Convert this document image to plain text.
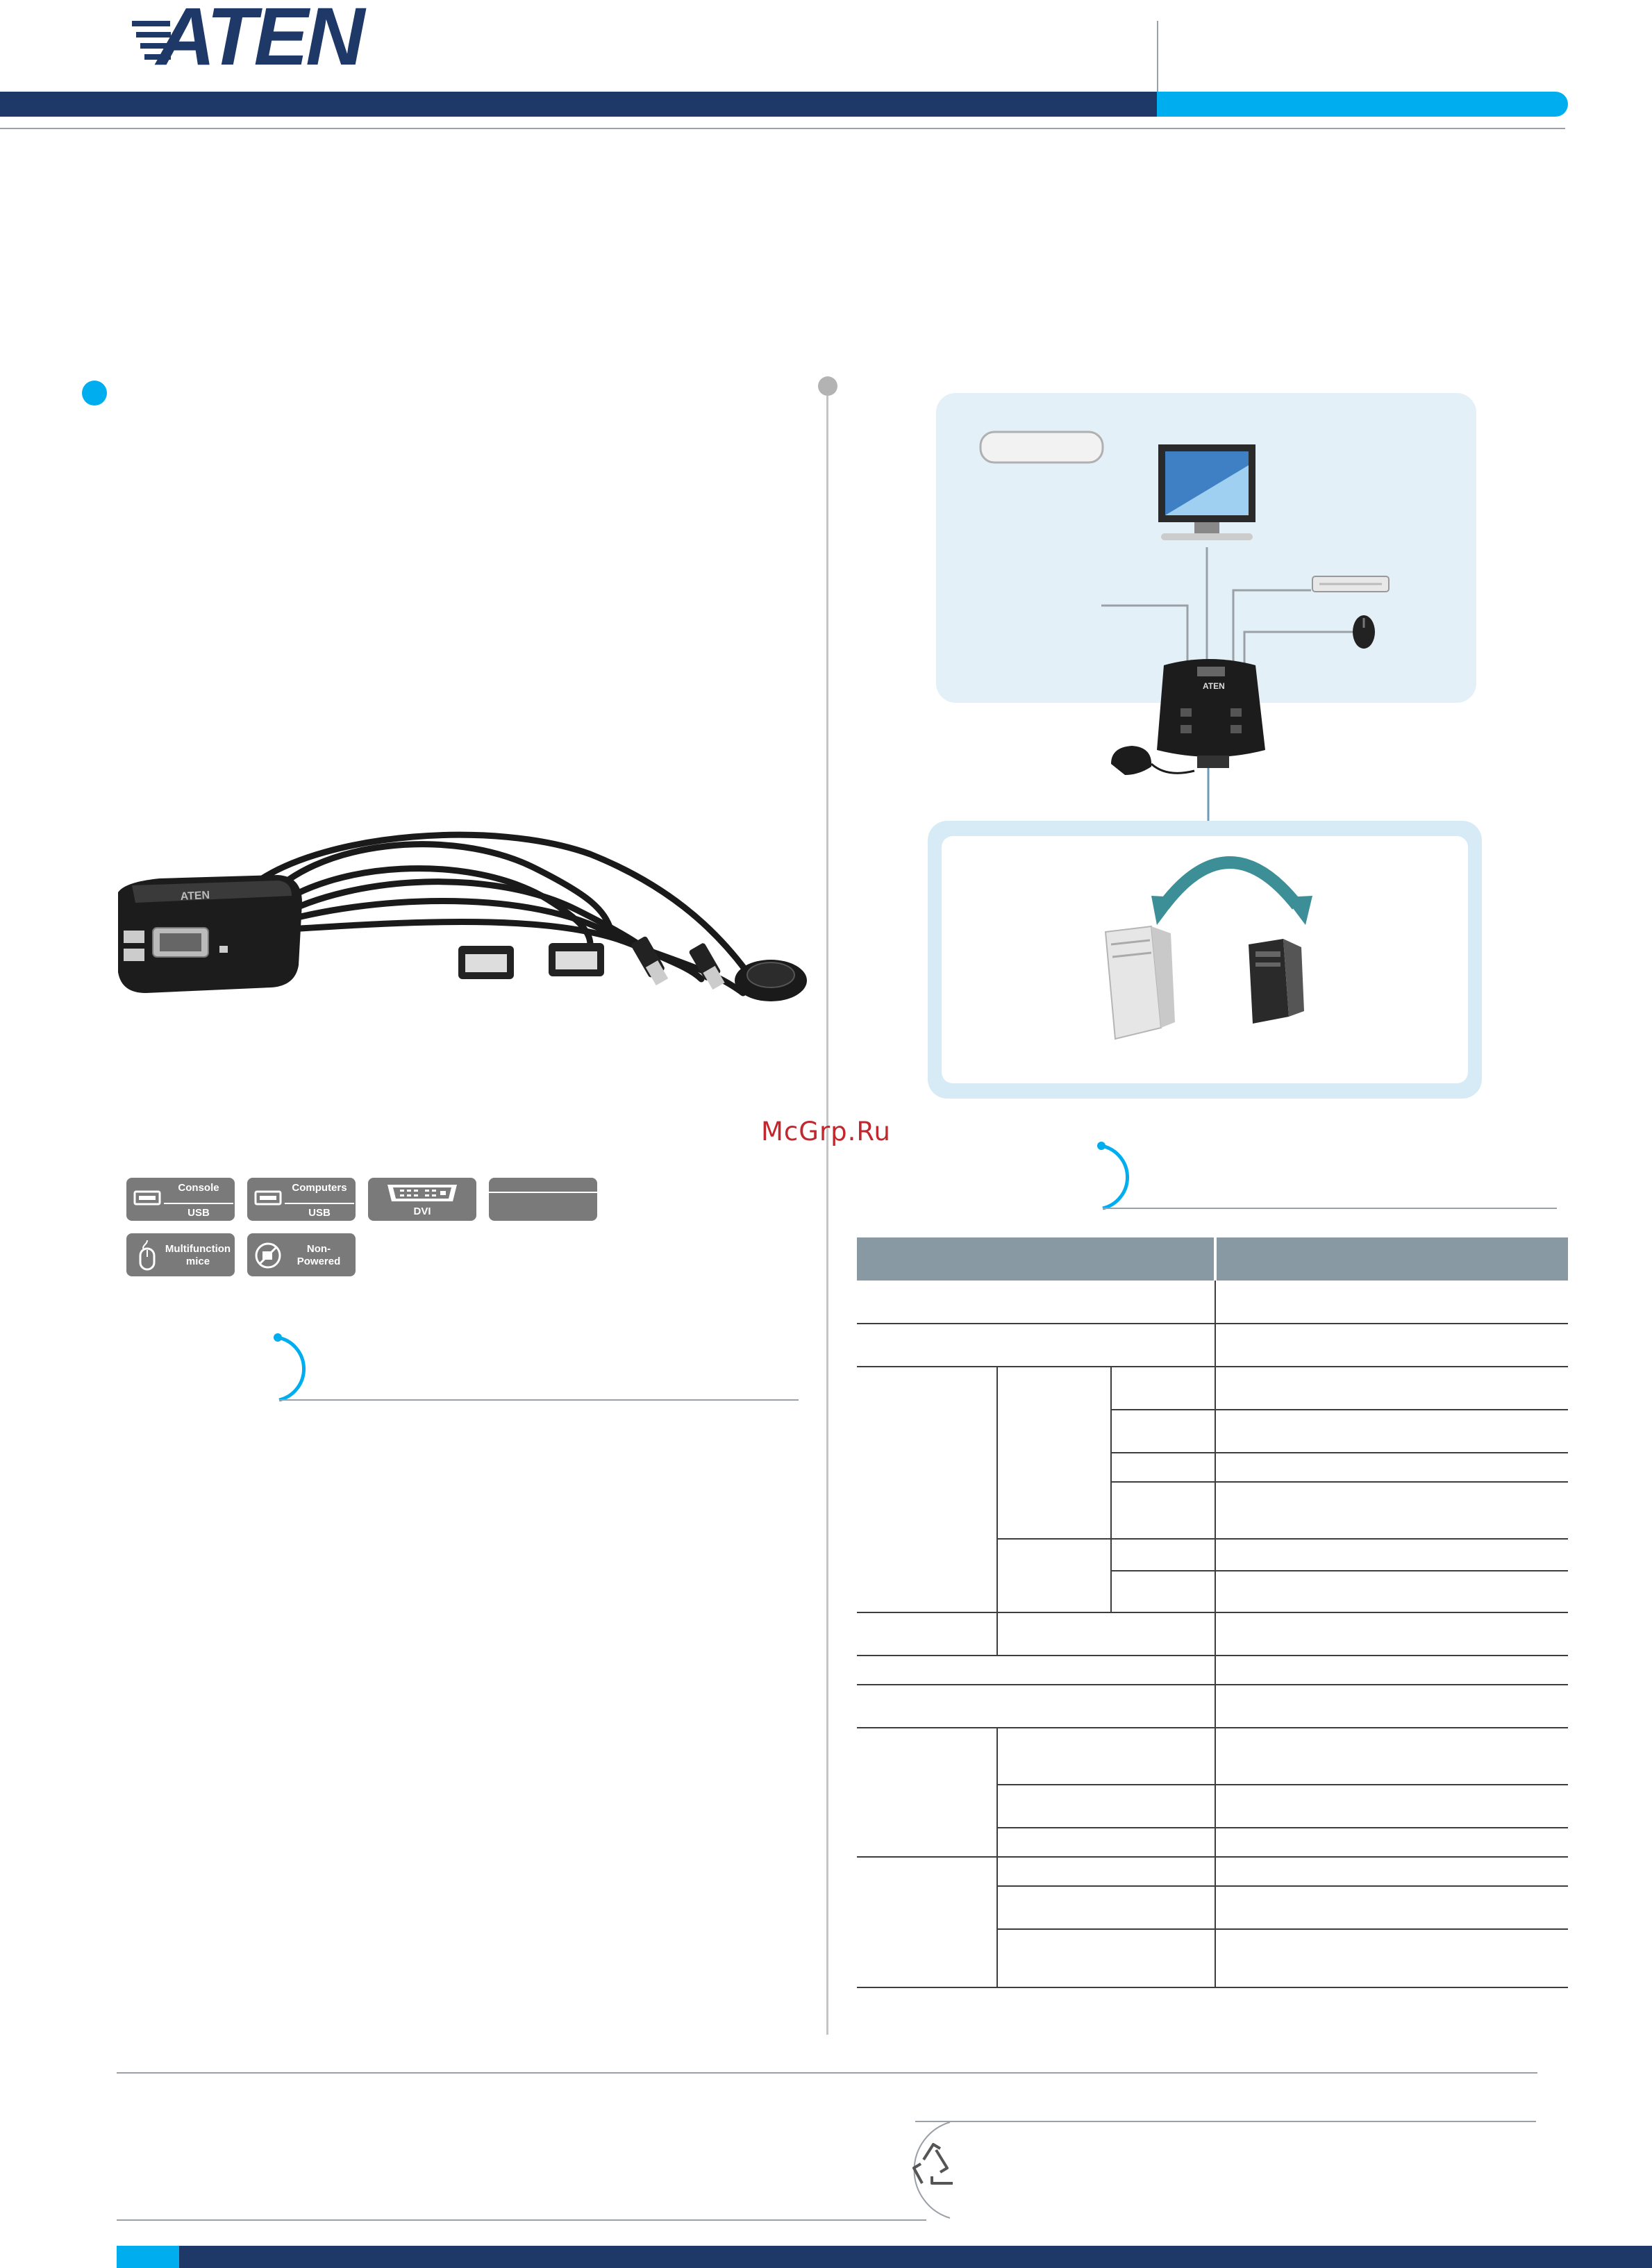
ATEN
ATEN
Console
USB
Computers
USB	DVI
Multifunction
mice
Non-
Powered
ATEN
McGrp.Ru
